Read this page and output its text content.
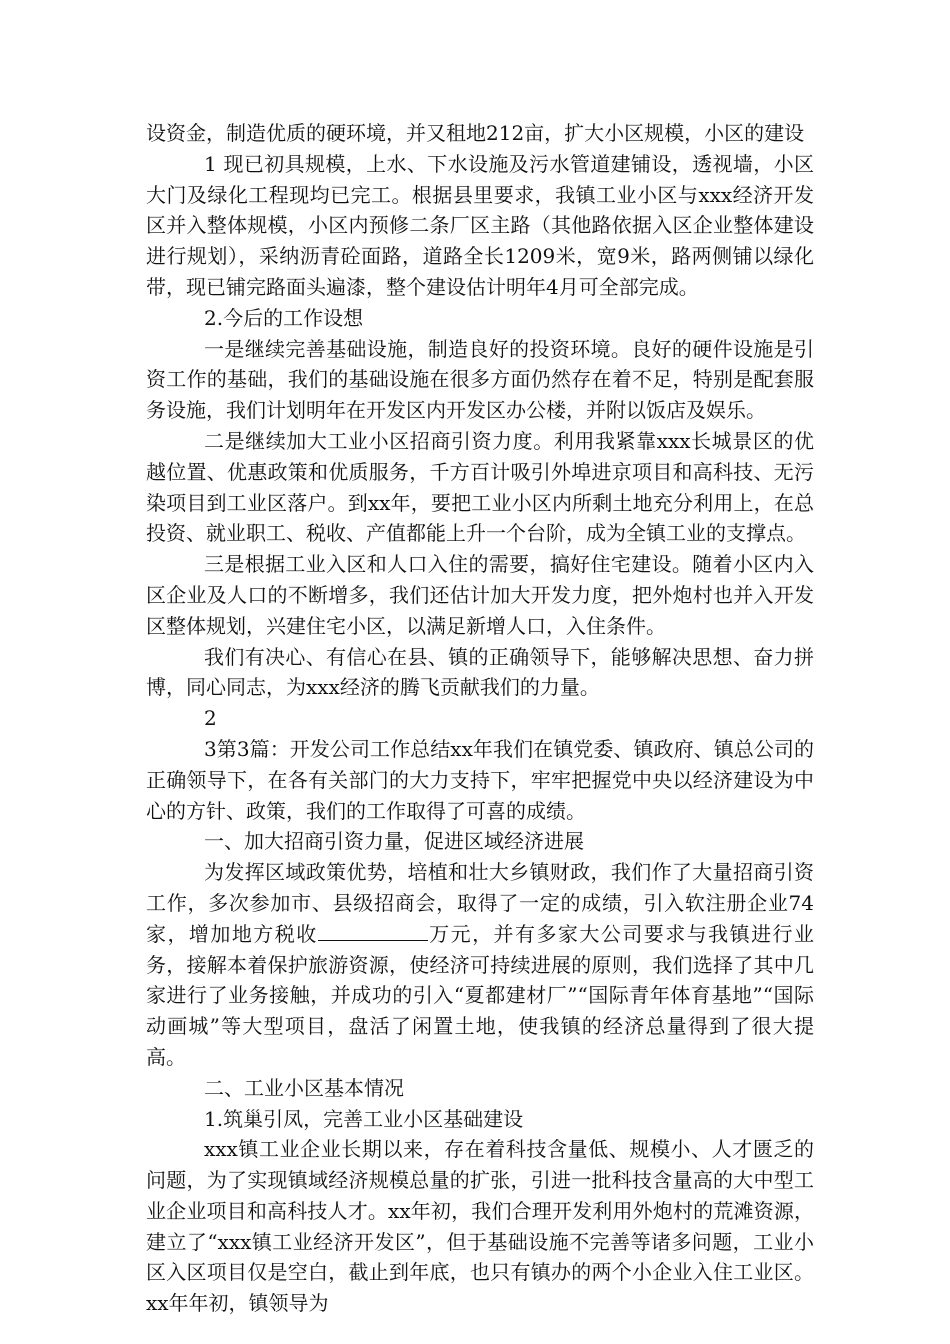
设资金，制造优质的硬环境，并又租地212亩，扩大小区规模，小区的建设

1 现已初具规模，上水、下水设施及污水管道建铺设，透视墙，小区大门及绿化工程现均已完工。根据县里要求，我镇工业小区与xxx经济开发区并入整体规模，小区内预修二条厂区主路（其他路依据入区企业整体建设进行规划），采纳沥青砼面路，道路全长1209米，宽9米，路两侧铺以绿化带，现已铺完路面头遍漆，整个建设估计明年4月可全部完成。

2.今后的工作设想

一是继续完善基础设施，制造良好的投资环境。良好的硬件设施是引资工作的基础，我们的基础设施在很多方面仍然存在着不足，特别是配套服务设施，我们计划明年在开发区内开发区办公楼，并附以饭店及娱乐。

二是继续加大工业小区招商引资力度。利用我紧靠xxx长城景区的优越位置、优惠政策和优质服务，千方百计吸引外埠进京项目和高科技、无污染项目到工业区落户。到xx年，要把工业小区内所剩土地充分利用上，在总投资、就业职工、税收、产值都能上升一个台阶，成为全镇工业的支撑点。

三是根据工业入区和人口入住的需要，搞好住宅建设。随着小区内入区企业及人口的不断增多，我们还估计加大开发力度，把外炮村也并入开发区整体规划，兴建住宅小区，以满足新增人口，入住条件。

我们有决心、有信心在县、镇的正确领导下，能够解决思想、奋力拼博，同心同志，为xxx经济的腾飞贡献我们的力量。

2

3第3篇：开发公司工作总结xx年我们在镇党委、镇政府、镇总公司的正确领导下，在各有关部门的大力支持下，牢牢把握党中央以经济建设为中心的方针、政策，我们的工作取得了可喜的成绩。

一、加大招商引资力量，促进区域经济进展

为发挥区域政策优势，培植和壮大乡镇财政，我们作了大量招商引资工作，多次参加市、县级招商会，取得了一定的成绩，引入软注册企业74家，增加地方税收	万元，并有多家大公司要求与我镇进行业务，接解本着保护旅游资源，使经济可持续进展的原则，我们选择了其中几家进行了业务接触，并成功的引入“夏都建材厂”“国际青年体育基地”“国际动画城”等大型项目，盘活了闲置土地，使我镇的经济总量得到了很大提高。

二、工业小区基本情况

1.筑巢引凤，完善工业小区基础建设

xxx镇工业企业长期以来，存在着科技含量低、规模小、人才匮乏的问题，为了实现镇域经济规模总量的扩张，引进一批科技含量高的大中型工业企业项目和高科技人才。xx年初，我们合理开发利用外炮村的荒滩资源，建立了“xxx镇工业经济开发区”，但于基础设施不完善等诸多问题，工业小区入区项目仅是空白，截止到年底，也只有镇办的两个小企业入住工业区。xx年年初，镇领导为
